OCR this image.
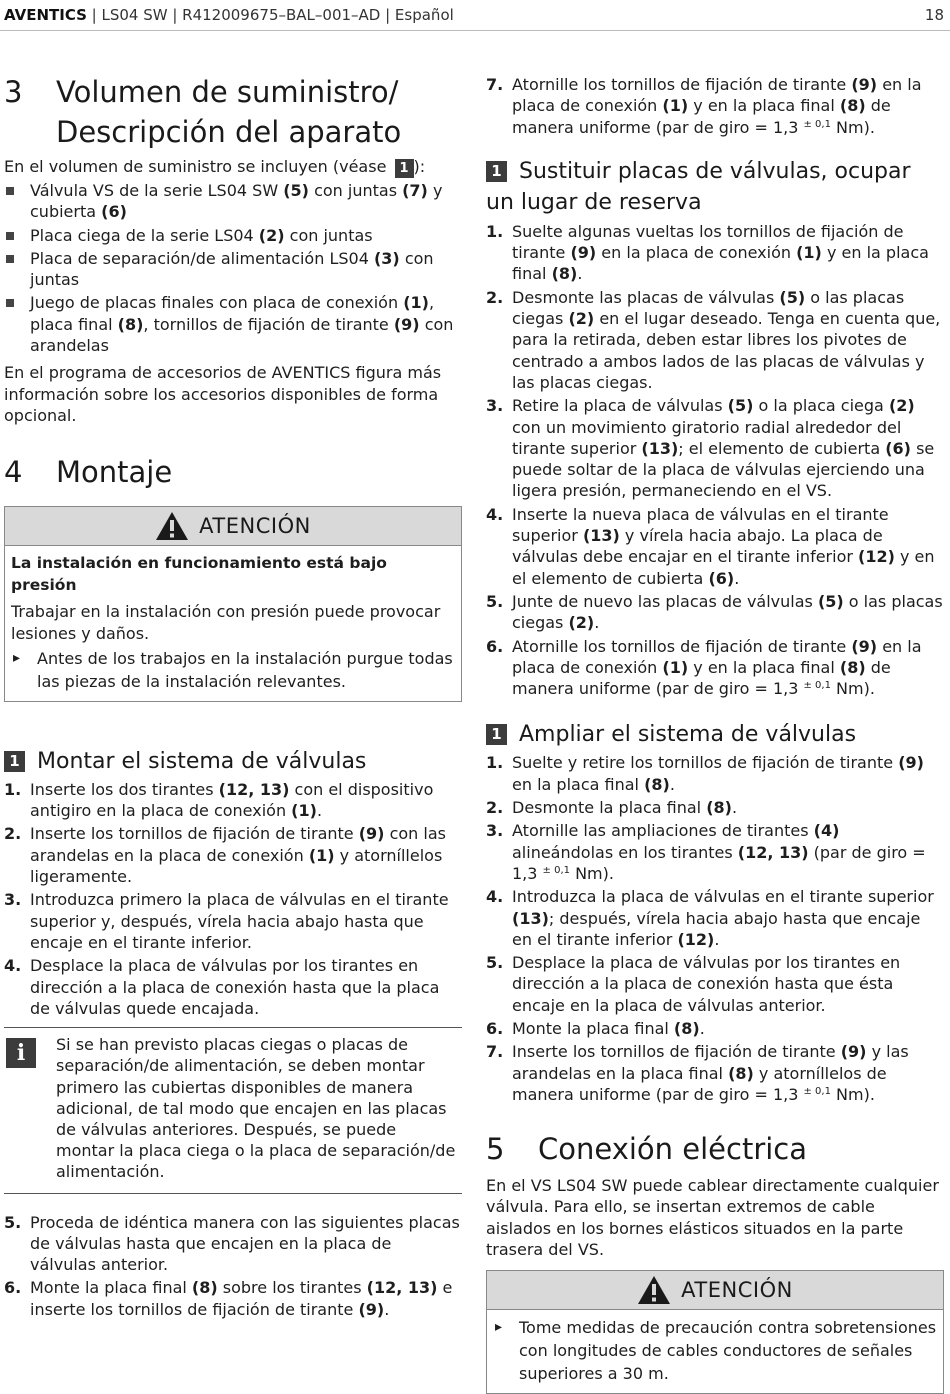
AVENTICS | LS04 SW | R412009675–BAL–001–AD | Español	18
3	Volumen de suministro/
Descripción del aparato

En el volumen de suministro se incluyen (véase 1 ):

Válvula VS de la serie LS04 SW (5) con juntas (7) y cubierta (6)
Placa ciega de la serie LS04 (2) con juntas
Placa de separación/de alimentación LS04 (3) con juntas
Juego de placas finales con placa de conexión (1), placa final (8), tornillos de fijación de tirante (9) con arandelas

En el programa de accesorios de AVENTICS figura más información sobre los accesorios disponibles de forma opcional.

4	Montaje
ATENCIÓN
La instalación en funcionamiento está bajo presión

Trabajar en la instalación con presión puede provocar lesiones y daños.

▸ Antes de los trabajos en la instalación purgue todas las piezas de la instalación relevantes.
1 Montar el sistema de válvulas
1. Inserte los dos tirantes (12, 13) con el dispositivo antigiro en la placa de conexión (1).
2. Inserte los tornillos de fijación de tirante (9) con las arandelas en la placa de conexión (1) y atorníllelos ligeramente.
3. Introduzca primero la placa de válvulas en el tirante superior y, después, vírela hacia abajo hasta que encaje en el tirante inferior.
4. Desplace la placa de válvulas por los tirantes en dirección a la placa de conexión hasta que la placa de válvulas quede encajada.
i	Si se han previsto placas ciegas o placas de separación/de alimentación, se deben montar primero las cubiertas disponibles de manera adicional, de tal modo que encajen en las placas de válvulas anteriores. Después, se puede montar la placa ciega o la placa de separación/de alimentación.

5. Proceda de idéntica manera con las siguientes placas de válvulas hasta que encajen en la placa de válvulas anterior.
6. Monte la placa final (8) sobre los tirantes (12, 13) e inserte los tornillos de fijación de tirante (9).
7. Atornille los tornillos de fijación de tirante (9) en la placa de conexión (1) y en la placa final (8) de manera uniforme (par de giro = 1,3 $^{\pm 0,1}$ Nm).
1 Sustituir placas de válvulas, ocupar
un lugar de reserva
1. Suelte algunas vueltas los tornillos de fijación de tirante (9) en la placa de conexión (1) y en la placa final (8).
2. Desmonte las placas de válvulas (5) o las placas ciegas (2) en el lugar deseado. Tenga en cuenta que, para la retirada, deben estar libres los pivotes de centrado a ambos lados de las placas de válvulas y las placas ciegas.
3. Retire la placa de válvulas (5) o la placa ciega (2) con un movimiento giratorio radial alrededor del tirante superior (13); el elemento de cubierta (6) se puede soltar de la placa de válvulas ejerciendo una ligera presión, permaneciendo en el VS.
4. Inserte la nueva placa de válvulas en el tirante superior (13) y vírela hacia abajo. La placa de válvulas debe encajar en el tirante inferior (12) y en el elemento de cubierta (6).
5. Junte de nuevo las placas de válvulas (5) o las placas ciegas (2).
6. Atornille los tornillos de fijación de tirante (9) en la placa de conexión (1) y en la placa final (8) de manera uniforme (par de giro = 1,3 $^{\pm 0,1}$ Nm).
1 Ampliar el sistema de válvulas
1. Suelte y retire los tornillos de fijación de tirante (9) en la placa final (8).
2. Desmonte la placa final (8).
3. Atornille las ampliaciones de tirantes (4) alineándolas en los tirantes (12, 13) (par de giro = 1,3 $^{\pm 0,1}$ Nm).
4. Introduzca la placa de válvulas en el tirante superior (13); después, vírela hacia abajo hasta que encaje en el tirante inferior (12).
5. Desplace la placa de válvulas por los tirantes en dirección a la placa de conexión hasta que ésta encaje en la placa de válvulas anterior.
6. Monte la placa final (8).
7. Inserte los tornillos de fijación de tirante (9) y las arandelas en la placa final (8) y atorníllelos de manera uniforme (par de giro = 1,3 $^{\pm 0,1}$ Nm).
5	Conexión eléctrica

En el VS LS04 SW puede cablear directamente cualquier válvula. Para ello, se insertan extremos de cable aislados en los bornes elásticos situados en la parte trasera del VS.

ATENCIÓN
▸ Tome medidas de precaución contra sobretensiones con longitudes de cables conductores de señales superiores a 30 m.
